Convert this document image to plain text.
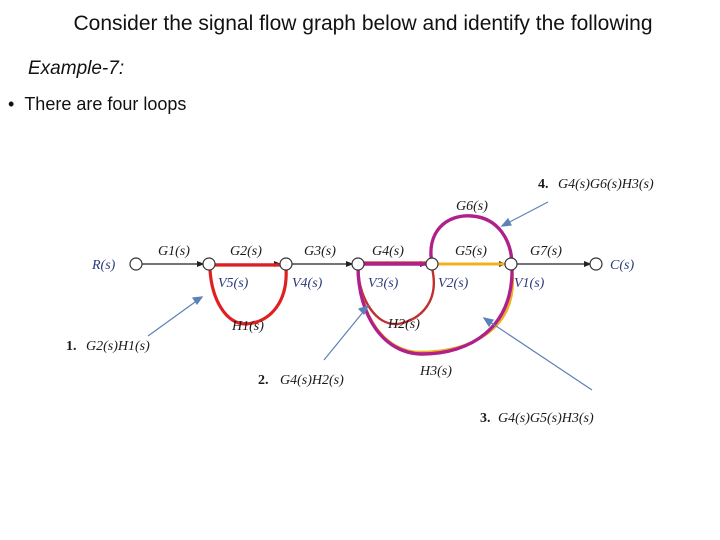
Consider the signal flow graph below and identify the following
Example-7:
• There are four loops
G1(s)	G2(s)	G3(s)	G4(s)	G5(s)
G6(s)
G7(s)
H1(s)	H2(s)
H3(s)
R(s)
V5(s)	V4(s)	V3(s)	V2(s)	V1(s)
C(s)
1. G2(s)H1(s)
2. G4(s)H2(s)
3. G4(s)G5(s)H3(s)
4. G4(s)G6(s)H3(s)
